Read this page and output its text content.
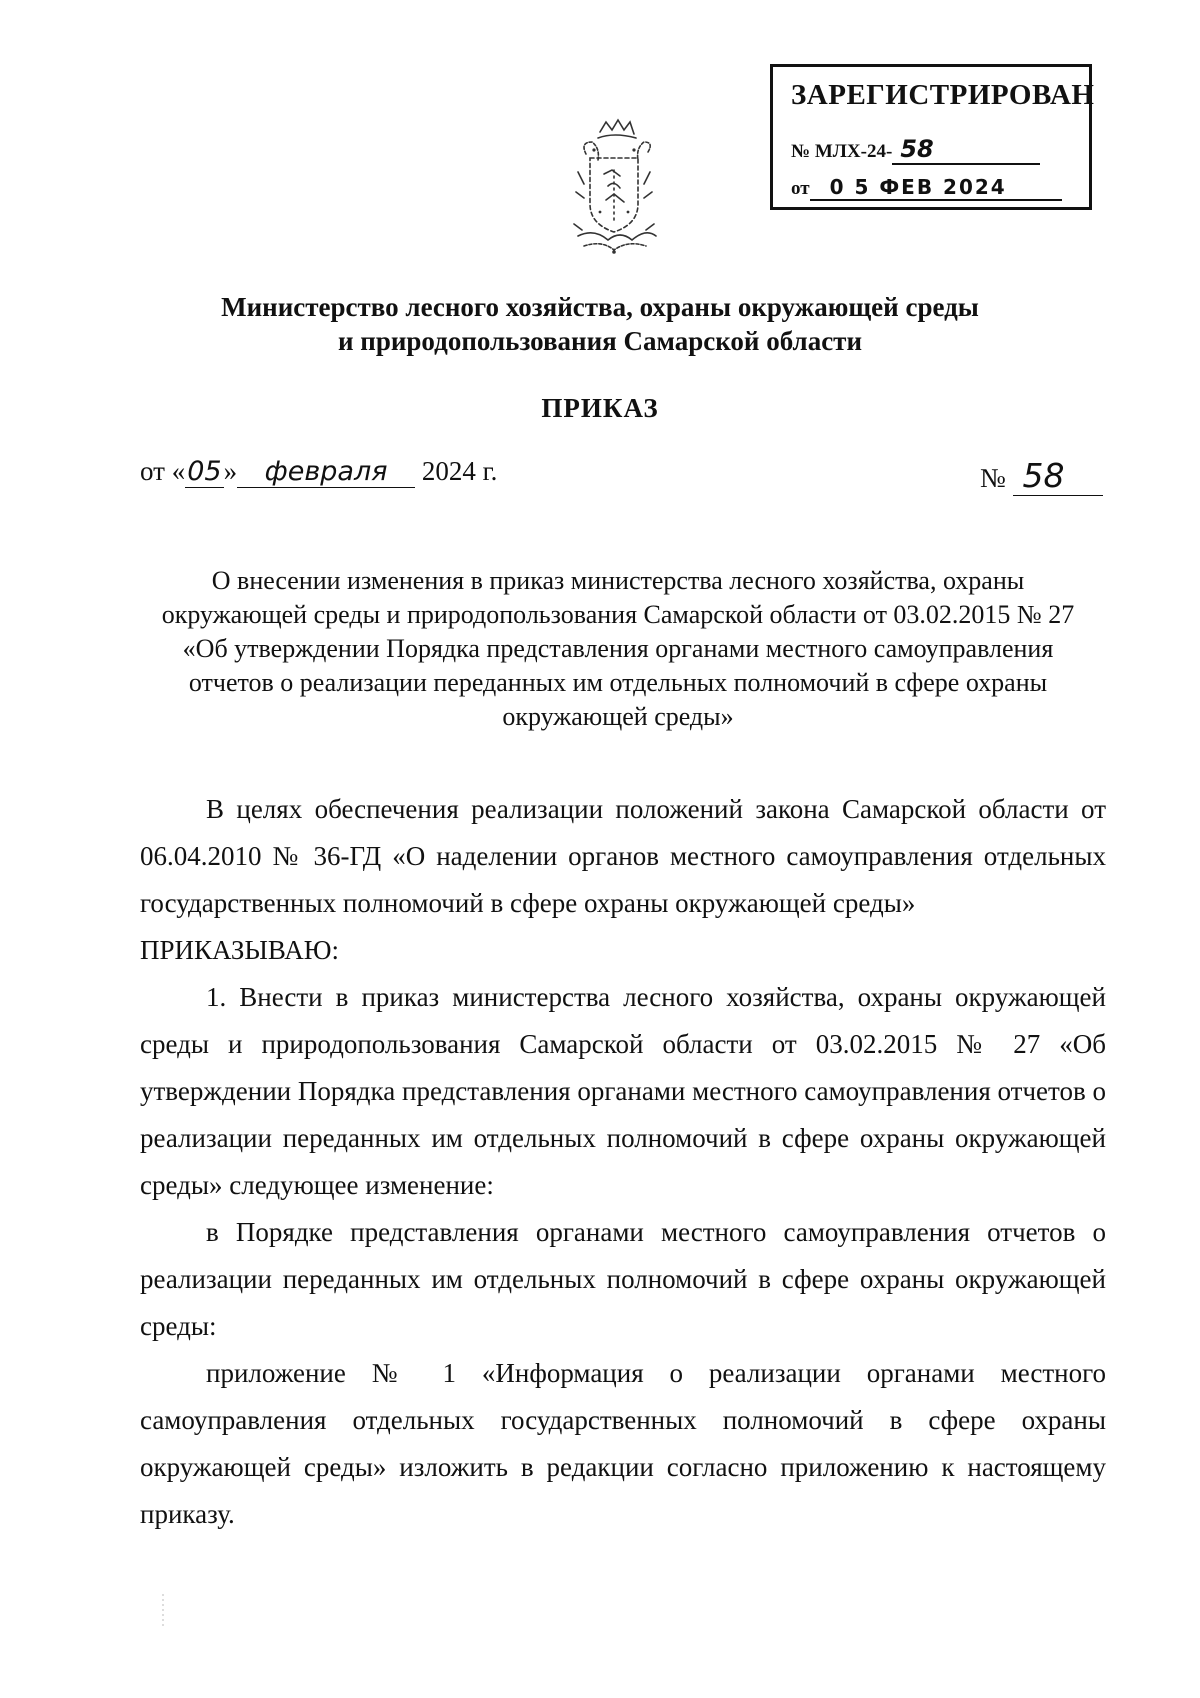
ЗАРЕГИСТРИРОВАН
№ МЛХ-24- 58
от 0 5 ФЕВ 2024
Министерство лесного хозяйства, охраны окружающей среды
и природопользования Самарской области
ПРИКАЗ
от «05» февраля 2024 г.	№ 58
О внесении изменения в приказ министерства лесного хозяйства, охраны окружающей среды и природопользования Самарской области от 03.02.2015 № 27 «Об утверждении Порядка представления органами местного самоуправления отчетов о реализации переданных им отдельных полномочий в сфере охраны окружающей среды»

В целях обеспечения реализации положений закона Самарской области от 06.04.2010 № 36-ГД «О наделении органов местного самоуправления отдельных государственных полномочий в сфере охраны окружающей среды»

ПРИКАЗЫВАЮ:

1. Внести в приказ министерства лесного хозяйства, охраны окружающей среды и природопользования Самарской области от 03.02.2015 № 27 «Об утверждении Порядка представления органами местного самоуправления отчетов о реализации переданных им отдельных полномочий в сфере охраны окружающей среды» следующее изменение:

в Порядке представления органами местного самоуправления отчетов о реализации переданных им отдельных полномочий в сфере охраны окружающей среды:

приложение № 1 «Информация о реализации органами местного самоуправления отдельных государственных полномочий в сфере охраны окружающей среды» изложить в редакции согласно приложению к настоящему приказу.
